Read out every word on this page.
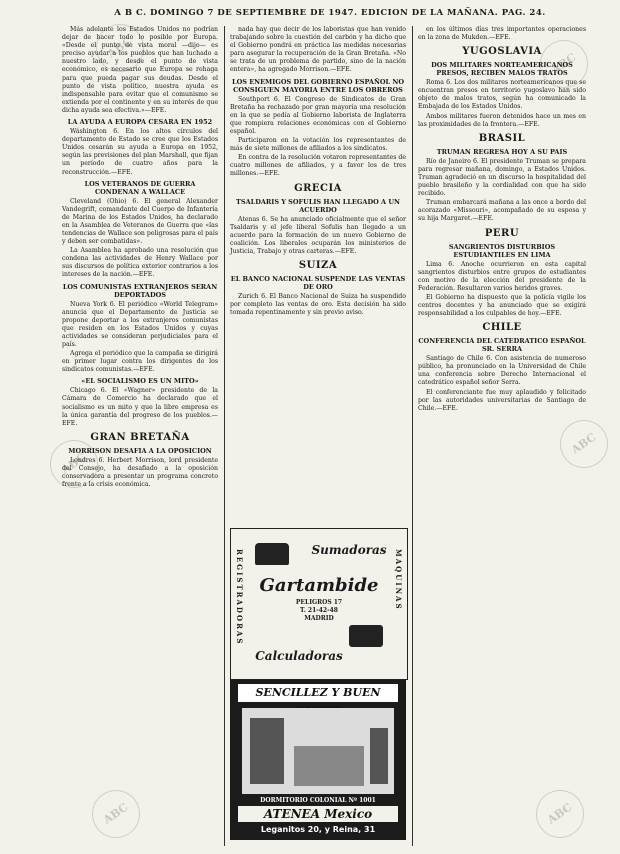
A B C. DOMINGO 7 DE SEPTIEMBRE DE 1947. EDICION DE LA MAÑANA. PAG. 24.

Más adelante los Estados Unidos no podrían dejar de hacer todo lo posible por Europa. «Desde el punto de vista moral —dijo— es preciso ayudar a los pueblos que han luchado a nuestro lado, y desde el punto de vista económico, es necesario que Europa se rehaga para que pueda pagar sus deudas. Desde el punto de vista político, nuestra ayuda es indispensable para evitar que el comunismo se extienda por el continente y en su interés de que dicha ayuda sea efectiva.»—EFE.

LA AYUDA A EUROPA CESARA EN 1952

Wáshington 6. En los altos círculos del departamento de Estado se cree que los Estados Unidos cesarán su ayuda a Europa en 1952, según las previsiones del plan Marshall, que fijan un período de cuatro años para la reconstrucción.—EFE.

LOS VETERANOS DE GUERRA CONDENAN A WALLACE

Cleveland (Ohio) 6. El general Alexander Vandegrift, comandante del Cuerpo de Infantería de Marina de los Estados Unidos, ha declarado en la Asamblea de Veteranos de Guerra que «las tendencias de Wallace son peligrosas para el país y deben ser combatidas».

La Asamblea ha aprobado una resolución que condena las actividades de Henry Wallace por sus discursos de política exterior contrarios a los intereses de la nación.—EFE.

LOS COMUNISTAS EXTRANJEROS SERAN DEPORTADOS

Nueva York 6. El periódico «World Telegram» anuncia que el Departamento de Justicia se propone deportar a los extranjeros comunistas que residen en los Estados Unidos y cuyas actividades se consideran perjudiciales para el país.

Agrega el periódico que la campaña se dirigirá en primer lugar contra los dirigentes de los sindicatos comunistas.—EFE.

«EL SOCIALISMO ES UN MITO»

Chicago 6. El «Wagner» presidente de la Cámara de Comercio ha declarado que el socialismo es un mito y que la libre empresa es la única garantía del progreso de los pueblos.—EFE.

GRAN BRETAÑA
MORRISON DESAFIA A LA OPOSICION

Londres 6. Herbert Morrison, lord presidente del Consejo, ha desafiado a la oposición conservadora a presentar un programa concreto frente a la crisis económica.

nada hay que decir de los laboristas que han venido trabajando sobre la cuestión del carbón y ha dicho que el Gobierno pondrá en práctica las medidas necesarias para asegurar la recuperación de la Gran Bretaña. «No se trata de un problema de partido, sino de la nación entera», ha agregado Morrison.—EFE.

LOS ENEMIGOS DEL GOBIERNO ESPAÑOL NO CONSIGUEN MAYORIA ENTRE LOS OBREROS

Southport 6. El Congreso de Sindicatos de Gran Bretaña ha rechazado por gran mayoría una resolución en la que se pedía al Gobierno laborista de Inglaterra que rompiera relaciones económicas con el Gobierno español.

Participaron en la votación los representantes de más de siete millones de afiliados a los sindicatos.

En contra de la resolución votaron representantes de cuatro millones de afiliados, y a favor los de tres millones.—EFE.

GRECIA
TSALDARIS Y SOFULIS HAN LLEGADO A UN ACUERDO

Atenas 6. Se ha anunciado oficialmente que el señor Tsaldaris y el jefe liberal Sofulis han llegado a un acuerdo para la formación de un nuevo Gobierno de coalición. Los liberales ocuparán los ministerios de Justicia, Trabajo y otras carteras.—EFE.

SUIZA
EL BANCO NACIONAL SUSPENDE LAS VENTAS DE ORO

Zurich 6. El Banco Nacional de Suiza ha suspendido por completo las ventas de oro. Esta decisión ha sido tomada repentinamente y sin previo aviso.

REGISTRADORAS	MAQUINAS
Sumadoras
Gartambide
PELIGROS 17
T. 21-42-48
MADRID
Calculadoras
SENCILLEZ Y BUEN
DORMITORIO COLONIAL Nº 1001
ATENEA Mexico
Leganitos 20, y Reina, 31

en los últimos días tres importantes operaciones en la zona de Mukden.—EFE.

YUGOSLAVIA
DOS MILITARES NORTEAMERICANOS PRESOS, RECIBEN MALOS TRATOS

Roma 6. Los dos militares norteamericanos que se encuentran presos en territorio yugoslavo han sido objeto de malos tratos, según ha comunicado la Embajada de los Estados Unidos.

Ambos militares fueron detenidos hace un mes en las proximidades de la frontera.—EFE.

BRASIL
TRUMAN REGRESA HOY A SU PAIS

Río de Janeiro 6. El presidente Truman se prepara para regresar mañana, domingo, a Estados Unidos. Truman agradeció en un discurso la hospitalidad del pueblo brasileño y la cordialidad con que ha sido recibido.

Truman embarcará mañana a las once a bordo del acorazado «Missouri», acompañado de su esposa y su hija Margaret.—EFE.

PERU
SANGRIENTOS DISTURBIOS ESTUDIANTILES EN LIMA

Lima 6. Anoche ocurrieron en esta capital sangrientos disturbios entre grupos de estudiantes con motivo de la elección del presidente de la Federación. Resultaron varios heridos graves.

El Gobierno ha dispuesto que la policía vigile los centros docentes y ha anunciado que se exigirá responsabilidad a los culpables de hoy.—EFE.

CHILE
CONFERENCIA DEL CATEDRATICO ESPAÑOL SR. SERRA

Santiago de Chile 6. Con asistencia de numeroso público, ha pronunciado en la Universidad de Chile una conferencia sobre Derecho Internacional el catedrático español señor Serra.

El conferenciante fue muy aplaudido y felicitado por las autoridades universitarias de Santiago de Chile.—EFE.

ABC
ABC
ABC
ABC
ABC	ABC
